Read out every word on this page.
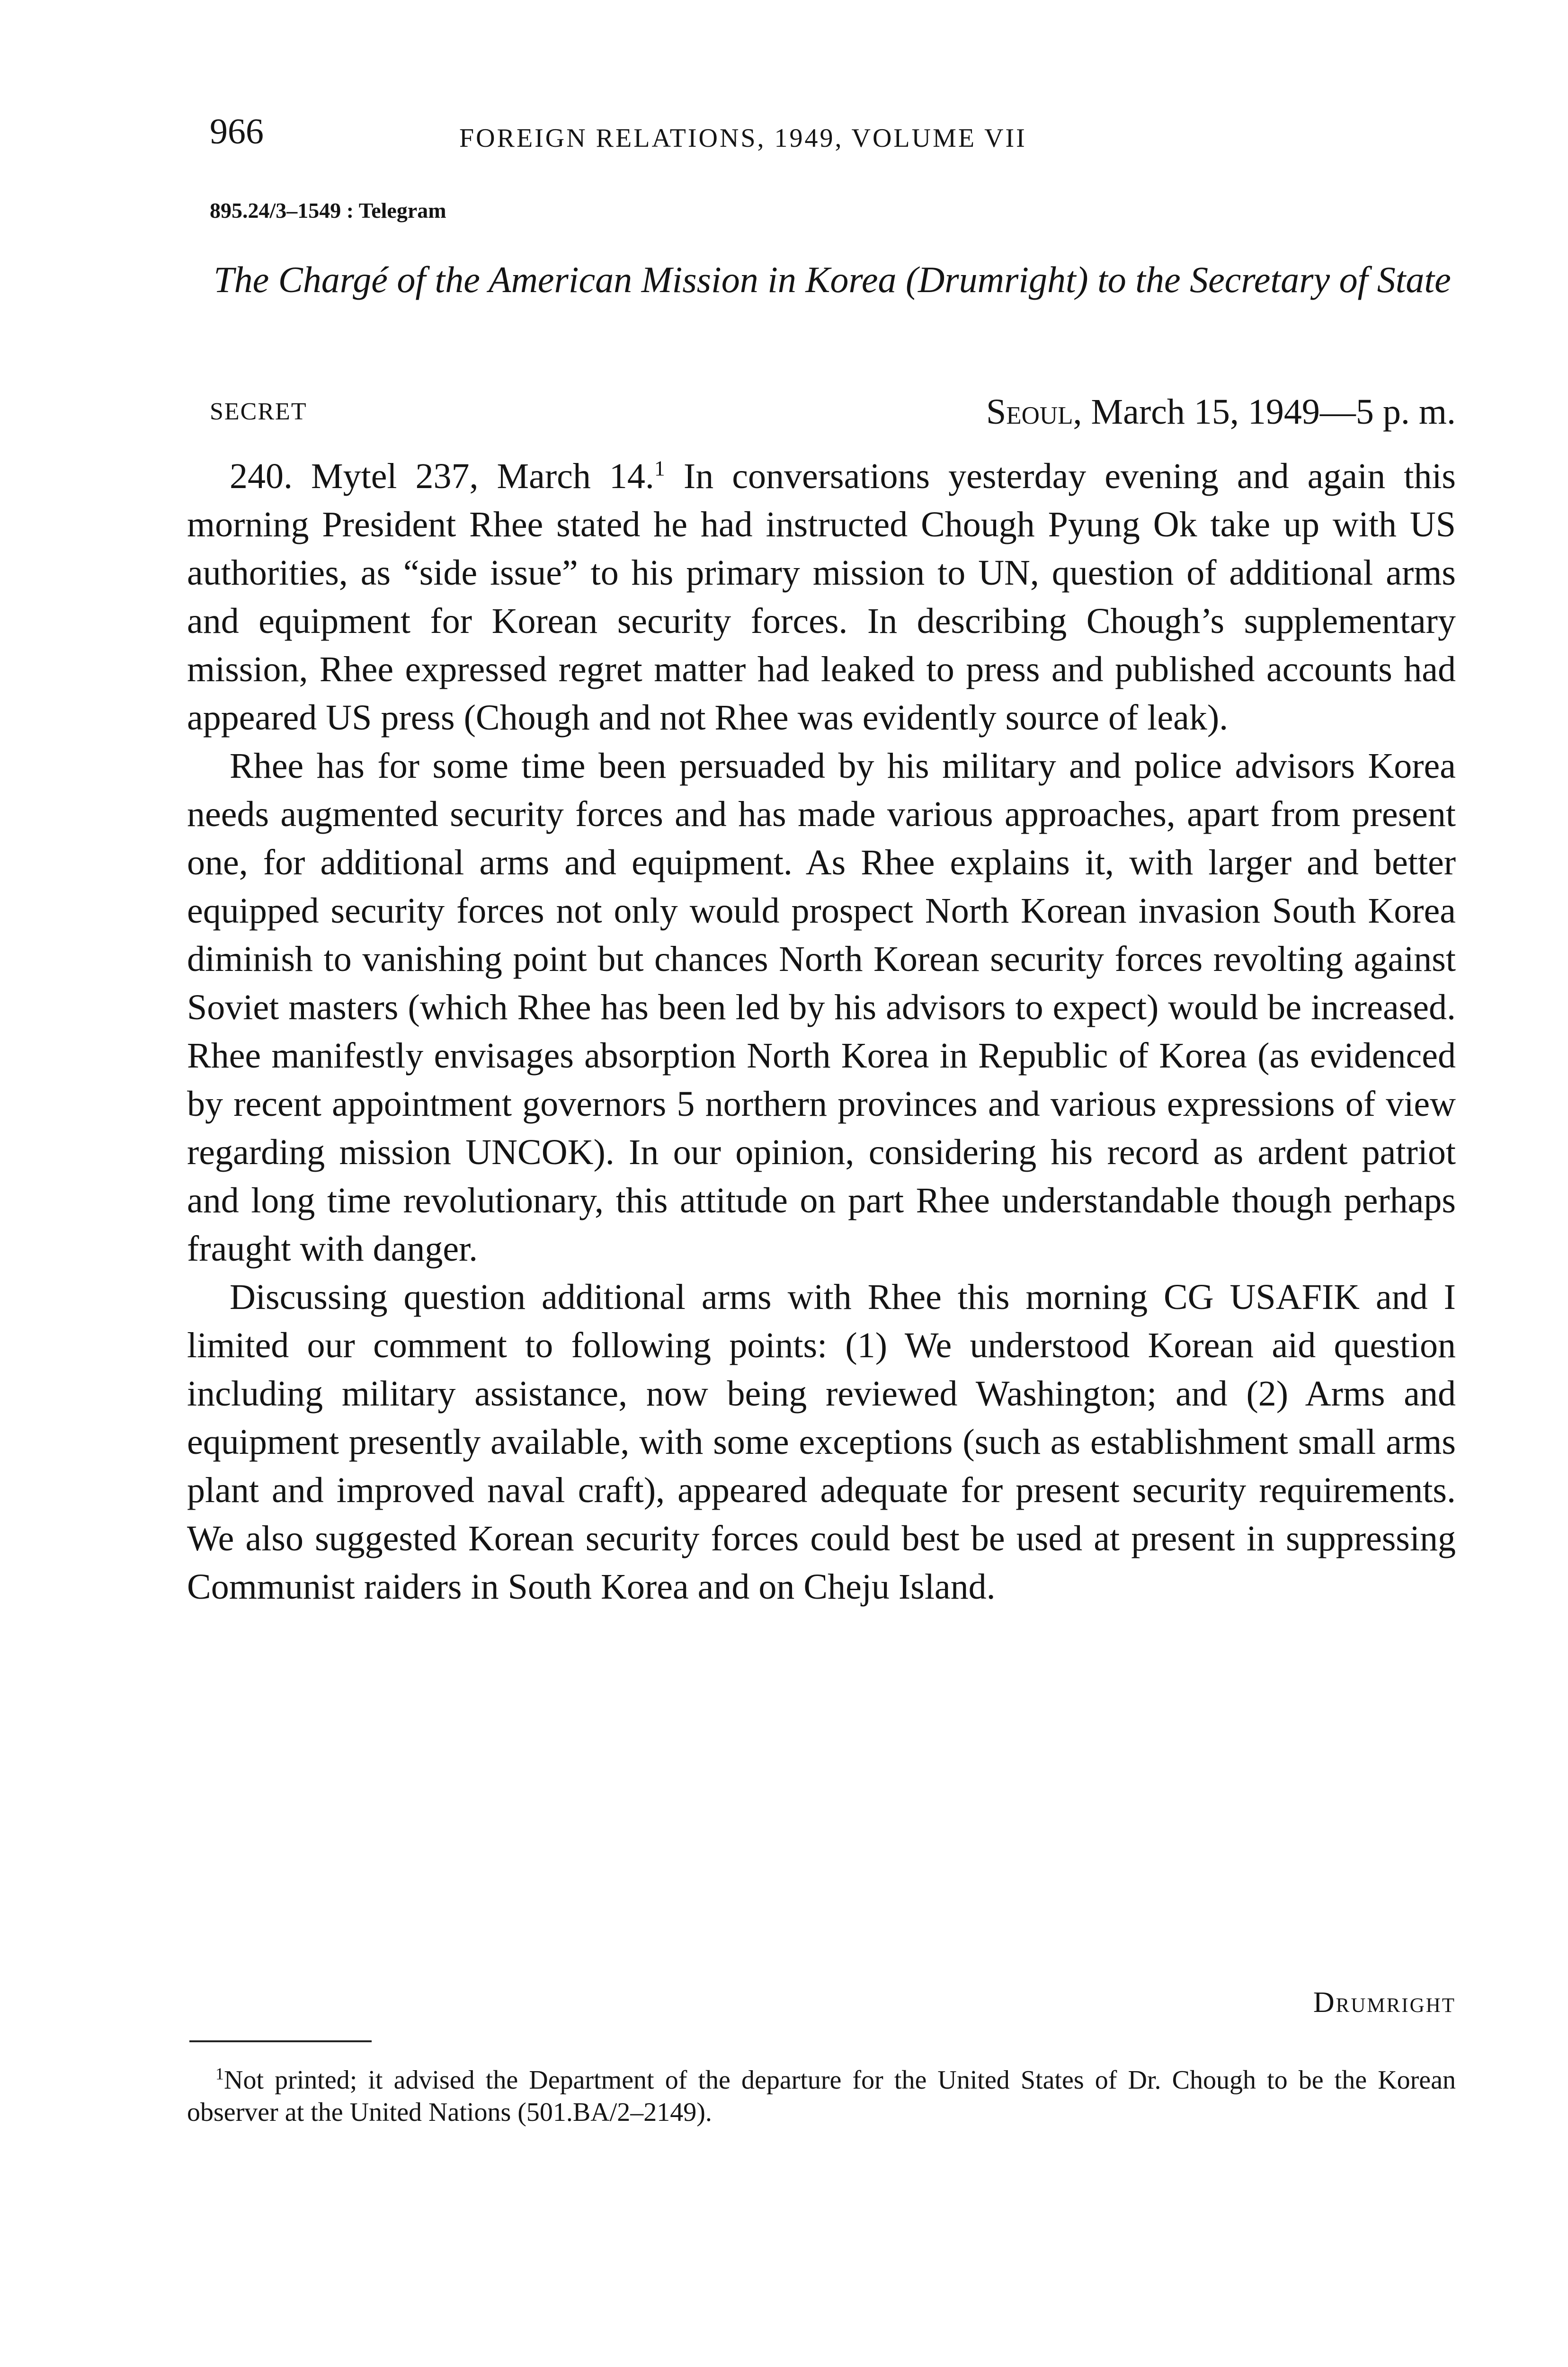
966	FOREIGN RELATIONS, 1949, VOLUME VII
895.24/3–1549 : Telegram
The Chargé of the American Mission in Korea (Drumright) to the Secretary of State
SECRET	Seoul, March 15, 1949—5 p. m.

240. Mytel 237, March 14.$^1$ In conversations yesterday evening and again this morning President Rhee stated he had instructed Chough Pyung Ok take up with US authorities, as “side issue” to his primary mission to UN, question of additional arms and equipment for Korean security forces. In describing Chough’s supplementary mission, Rhee expressed regret matter had leaked to press and published accounts had appeared US press (Chough and not Rhee was evidently source of leak).

Rhee has for some time been persuaded by his military and police advisors Korea needs augmented security forces and has made various approaches, apart from present one, for additional arms and equipment. As Rhee explains it, with larger and better equipped security forces not only would prospect North Korean invasion South Korea diminish to vanishing point but chances North Korean security forces revolting against Soviet masters (which Rhee has been led by his advisors to expect) would be increased. Rhee manifestly envisages absorption North Korea in Republic of Korea (as evidenced by recent appointment governors 5 northern provinces and various expressions of view regarding mission UNCOK). In our opinion, considering his record as ardent patriot and long time revolutionary, this attitude on part Rhee understandable though perhaps fraught with danger.

Discussing question additional arms with Rhee this morning CG USAFIK and I limited our comment to following points: (1) We understood Korean aid question including military assistance, now being reviewed Washington; and (2) Arms and equipment presently available, with some exceptions (such as establishment small arms plant and improved naval craft), appeared adequate for present security requirements. We also suggested Korean security forces could best be used at present in suppressing Communist raiders in South Korea and on Cheju Island.

Drumright

$^1$Not printed; it advised the Department of the departure for the United States of Dr. Chough to be the Korean observer at the United Nations (501.BA/2–2149).
